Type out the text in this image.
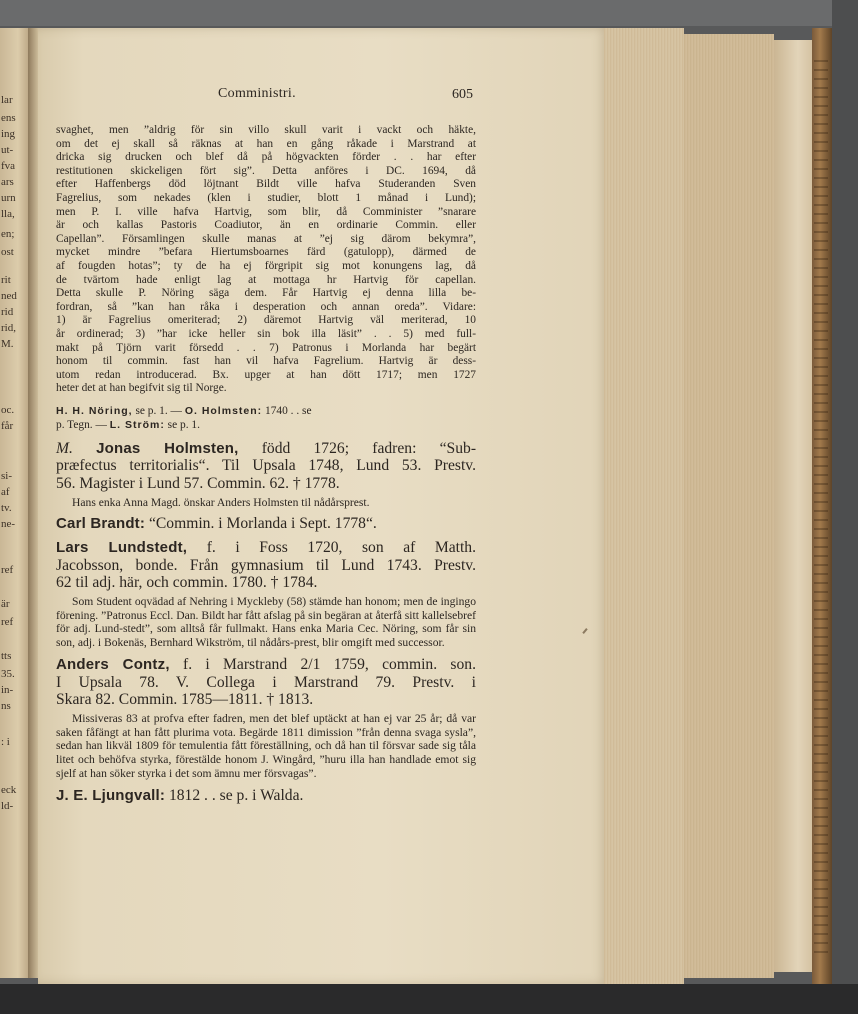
lar
ens
ing
ut-
fva
ars
urn
lla,
en;
ost
rit
ned
rid
rid,
M.
oc.
får
si-
af
tv.
ne-
ref
är
ref
tts
35.
in-
ns
: i
eck
ld-
Comministri.	605
svaghet, men ”aldrig för sin villo skull varit i vackt och häkte,
om det ej skall så räknas at han en gång råkade i Marstrand at
dricka sig drucken och blef då på högvackten förder . . har efter
restitutionen skickeligen fört sig”. Detta anföres i DC. 1694, då
efter Haffenbergs död löjtnant Bildt ville hafva Studeranden Sven
Fagrelius, som nekades (klen i studier, blott 1 månad i Lund);
men P. I. ville hafva Hartvig, som blir, då Comminister ”snarare
är och kallas Pastoris Coadiutor, än en ordinarie Commin. eller
Capellan”. Församlingen skulle manas at ”ej sig därom bekymra”,
mycket mindre ”befara Hiertumsboarnes färd (gatulopp), därmed de
af fougden hotas”; ty de ha ej förgripit sig mot konungens lag, då
de tvärtom hade enligt lag at mottaga hr Hartvig för capellan.
Detta skulle P. Nöring säga dem. Får Hartvig ej denna lilla be-
fordran, så ”kan han råka i desperation och annan oreda”. Vidare:
1) är Fagrelius omeriterad; 2) däremot Hartvig väl meriterad, 10
år ordinerad; 3) ”har icke heller sin bok illa läsit” . . 5) med full-
makt på Tjörn varit försedd . . 7) Patronus i Morlanda har begärt
honom til commin. fast han vil hafva Fagrelium. Hartvig är dess-
utom redan introducerad. Bx. upger at han dött 1717; men 1727
heter det at han begifvit sig til Norge.

H. H. Nöring, se p. 1. — O. Holmsten: 1740 . . se

p. Tegn. — L. Ström: se p. 1.

M. Jonas Holmsten, född 1726; fadren: “Sub-
præfectus territorialis“. Til Upsala 1748, Lund 53. Prestv.
56. Magister i Lund 57. Commin. 62. † 1778.

Hans enka Anna Magd. önskar Anders Holmsten til nådårsprest.

Carl Brandt: “Commin. i Morlanda i Sept. 1778“.
Lars Lundstedt, f. i Foss 1720, son af Matth.
Jacobsson, bonde. Från gymnasium til Lund 1743. Prestv.
62 til adj. här, och commin. 1780. † 1784.

Som Student oqvädad af Nehring i Myckleby (58) stämde han honom; men de ingingo förening. ”Patronus Eccl. Dan. Bildt har fått afslag på sin begäran at återfå sitt kallelsebref för adj. Lund-stedt”, som alltså får fullmakt. Hans enka Maria Cec. Nöring, som får sin son, adj. i Bokenäs, Bernhard Wikström, til nådårs-prest, blir omgift med successor.

Anders Contz, f. i Marstrand 2/1 1759, commin. son.
I Upsala 78. V. Collega i Marstrand 79. Prestv. i
Skara 82. Commin. 1785—1811. † 1813.

Missiveras 83 at profva efter fadren, men det blef uptäckt at han ej var 25 år; då var saken fåfängt at han fått plurima vota. Begärde 1811 dimission ”från denna svaga sysla”, sedan han likväl 1809 för temulentia fått föreställning, och då han til försvar sade sig tåla litet och behöfva styrka, förestälde honom J. Wingård, ”huru illa han handlade emot sig sjelf at han söker styrka i det som ämnu mer försvagas”.

J. E. Ljungvall: 1812 . . se p. i Walda.
